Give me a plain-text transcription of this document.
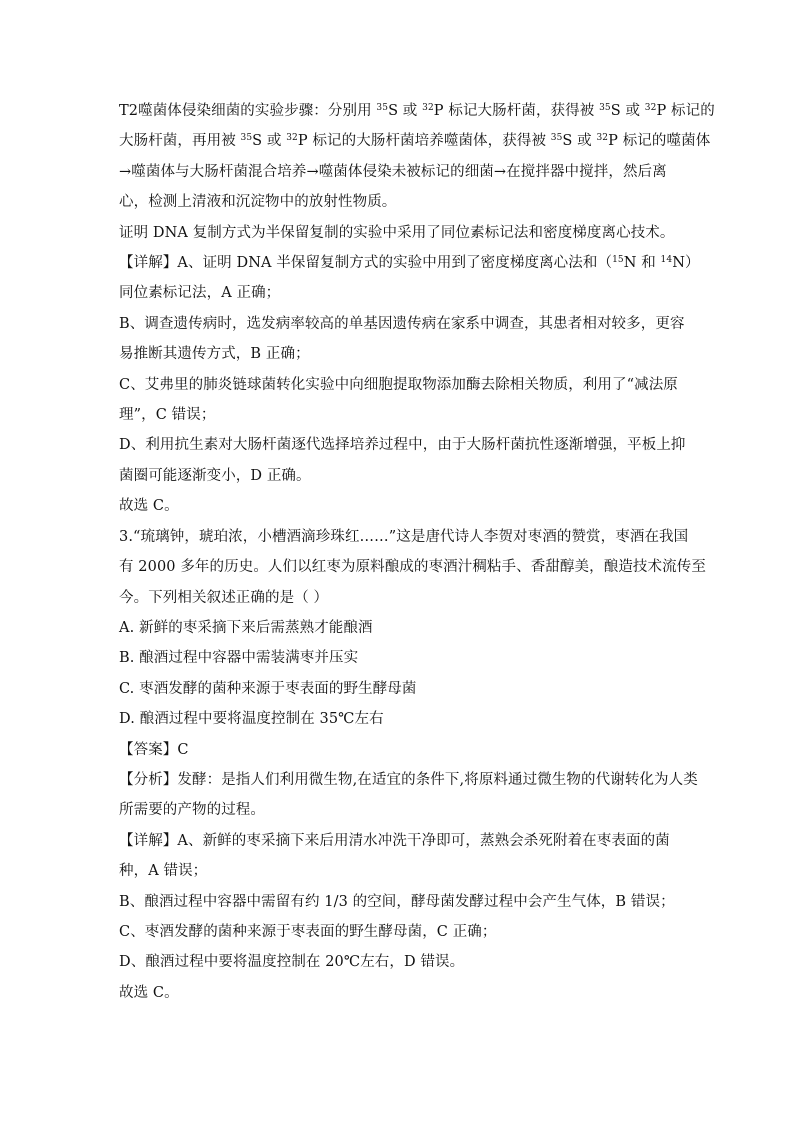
T2噬菌体侵染细菌的实验步骤：分别用 $^{35}$S 或 $^{32}$P 标记大肠杆菌，获得被 $^{35}$S 或 $^{32}$P 标记的
大肠杆菌，再用被 $^{35}$S 或 $^{32}$P 标记的大肠杆菌培养噬菌体，获得被 $^{35}$S 或 $^{32}$P 标记的噬菌体
→噬菌体与大肠杆菌混合培养→噬菌体侵染未被标记的细菌→在搅拌器中搅拌，然后离
心，检测上清液和沉淀物中的放射性物质。
证明 DNA 复制方式为半保留复制的实验中采用了同位素标记法和密度梯度离心技术。
【详解】A、证明 DNA 半保留复制方式的实验中用到了密度梯度离心法和（$^{15}$N 和 $^{14}$N）
同位素标记法，A 正确；
B、调查遗传病时，选发病率较高的单基因遗传病在家系中调查，其患者相对较多，更容
易推断其遗传方式，B 正确；
C、艾弗里的肺炎链球菌转化实验中向细胞提取物添加酶去除相关物质，利用了“减法原
理”，C 错误；
D、利用抗生素对大肠杆菌逐代选择培养过程中，由于大肠杆菌抗性逐渐增强，平板上抑
菌圈可能逐渐变小，D 正确。
故选 C。
3.“琉璃钟，琥珀浓，小槽酒滴珍珠红……”这是唐代诗人李贺对枣酒的赞赏，枣酒在我国
有 2000 多年的历史。人们以红枣为原料酿成的枣酒汁稠粘手、香甜醇美，酿造技术流传至
今。下列相关叙述正确的是（ ）
A. 新鲜的枣采摘下来后需蒸熟才能酿酒
B. 酿酒过程中容器中需装满枣并压实
C. 枣酒发酵的菌种来源于枣表面的野生酵母菌
D. 酿酒过程中要将温度控制在 35℃左右
【答案】C
【分析】发酵：是指人们利用微生物,在适宜的条件下,将原料通过微生物的代谢转化为人类
所需要的产物的过程。
【详解】A、新鲜的枣采摘下来后用清水冲洗干净即可，蒸熟会杀死附着在枣表面的菌
种，A 错误；
B、酿酒过程中容器中需留有约 1/3 的空间，酵母菌发酵过程中会产生气体，B 错误；
C、枣酒发酵的菌种来源于枣表面的野生酵母菌，C 正确；
D、酿酒过程中要将温度控制在 20℃左右，D 错误。
故选 C。
